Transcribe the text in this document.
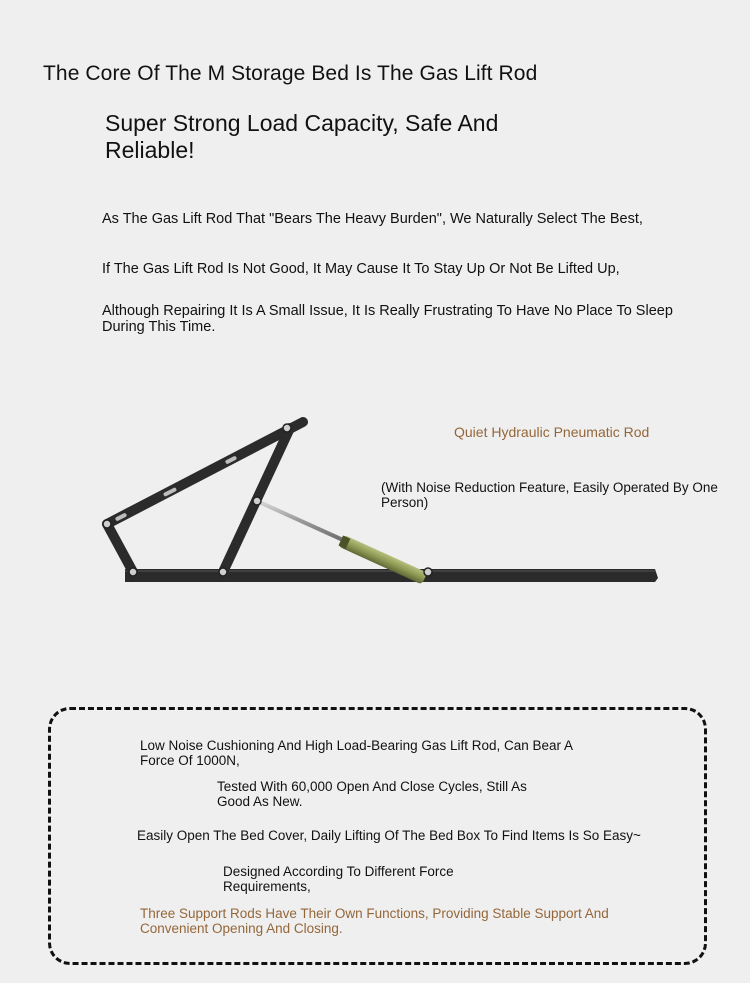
The Core Of The M Storage Bed Is The Gas Lift Rod
Super Strong Load Capacity, Safe And Reliable!
As The Gas Lift Rod That "Bears The Heavy Burden", We Naturally Select The Best,
If The Gas Lift Rod Is Not Good, It May Cause It To Stay Up Or Not Be Lifted Up,
Although Repairing It Is A Small Issue, It Is Really Frustrating To Have No Place To Sleep During This Time.
Quiet Hydraulic Pneumatic Rod
(With Noise Reduction Feature, Easily Operated By One Person)
Low Noise Cushioning And High Load-Bearing Gas Lift Rod, Can Bear A Force Of 1000N,
Tested With 60,000 Open And Close Cycles, Still As Good As New.
Easily Open The Bed Cover, Daily Lifting Of The Bed Box To Find Items Is So Easy~
Designed According To Different Force Requirements,
Three Support Rods Have Their Own Functions, Providing Stable Support And Convenient Opening And Closing.
